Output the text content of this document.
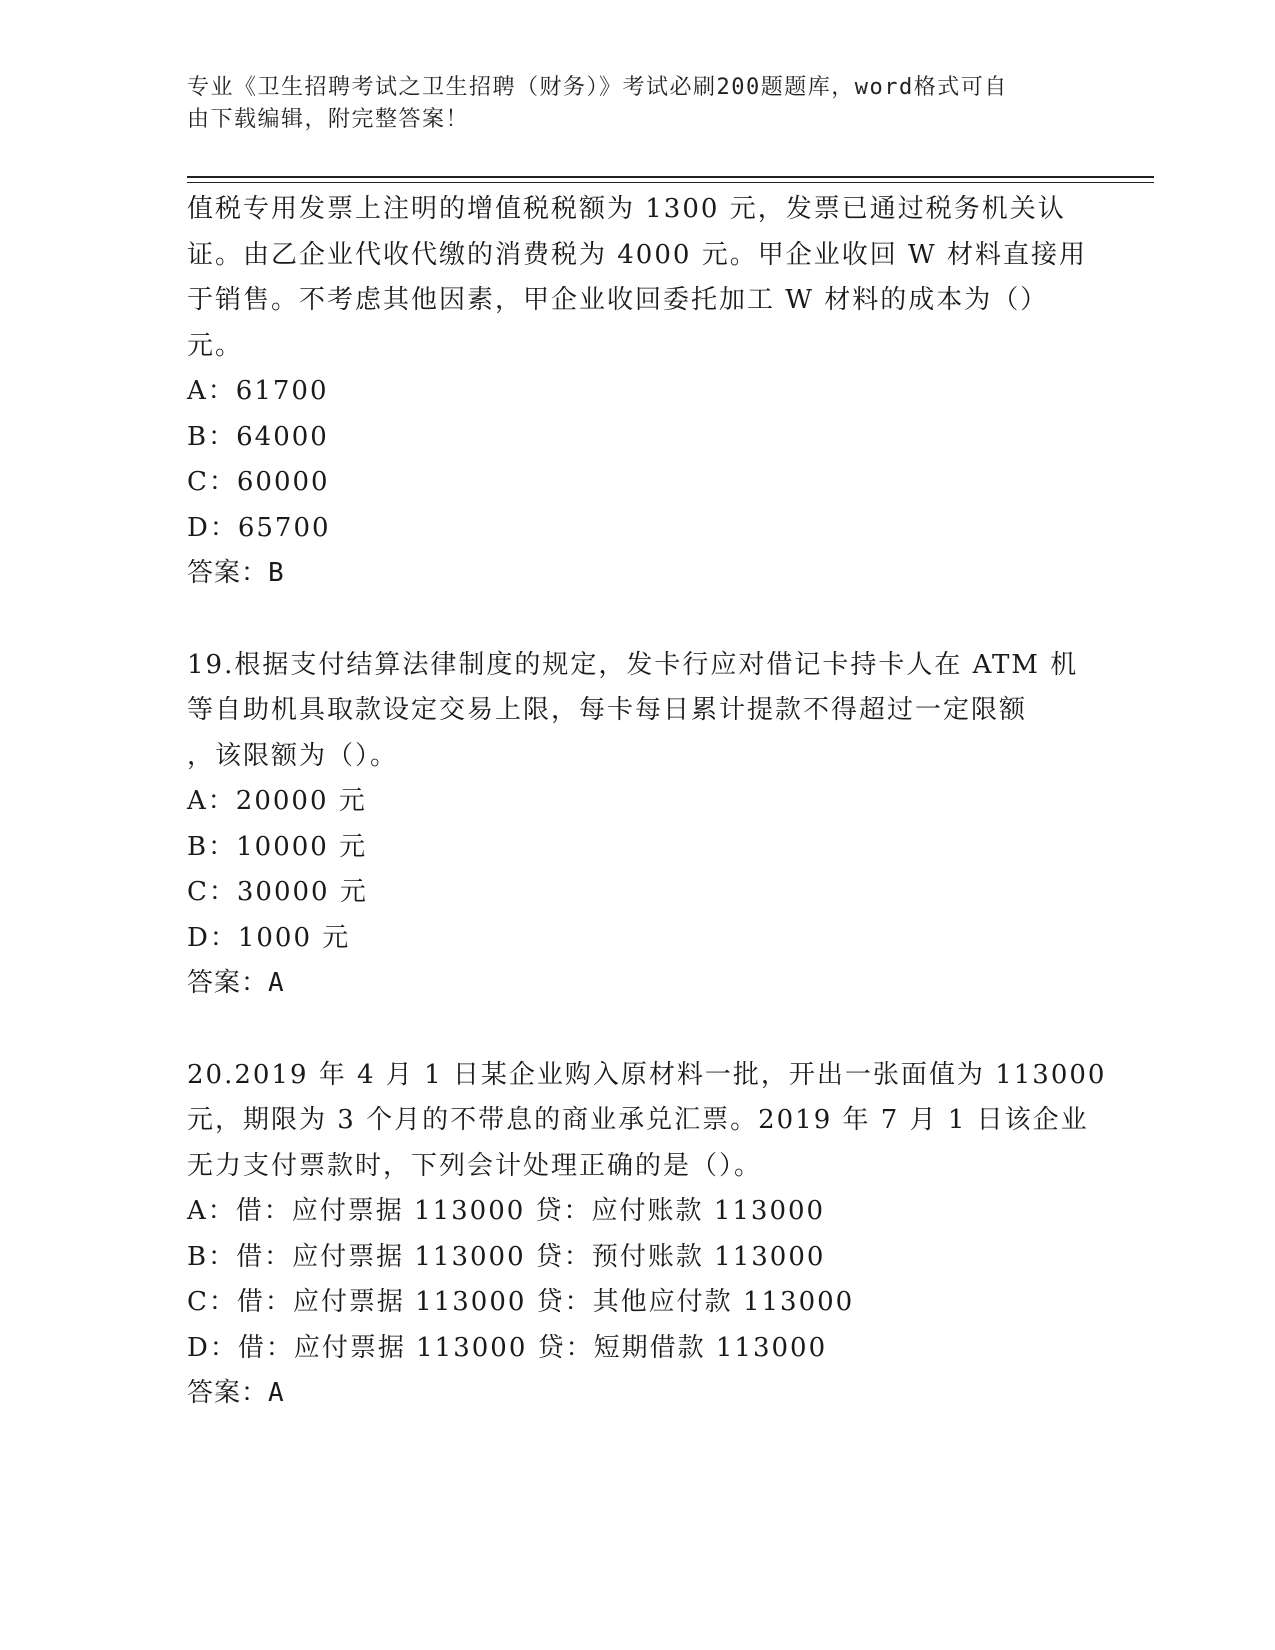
专业《卫生招聘考试之卫生招聘（财务）》考试必刷200题题库，word格式可自
由下载编辑，附完整答案！
值税专用发票上注明的增值税税额为 1300 元，发票已通过税务机关认
证。由乙企业代收代缴的消费税为 4000 元。甲企业收回 W 材料直接用
于销售。不考虑其他因素，甲企业收回委托加工 W 材料的成本为（）
元。
A：61700
B：64000
C：60000
D：65700
答案：B
19.根据支付结算法律制度的规定，发卡行应对借记卡持卡人在 ATM 机
等自助机具取款设定交易上限，每卡每日累计提款不得超过一定限额
，该限额为（）。
A：20000 元
B：10000 元
C：30000 元
D：1000 元
答案：A
20.2019 年 4 月 1 日某企业购入原材料一批，开出一张面值为 113000
元，期限为 3 个月的不带息的商业承兑汇票。2019 年 7 月 1 日该企业
无力支付票款时，下列会计处理正确的是（）。
A：借：应付票据 113000 贷：应付账款 113000
B：借：应付票据 113000 贷：预付账款 113000
C：借：应付票据 113000 贷：其他应付款 113000
D：借：应付票据 113000 贷：短期借款 113000
答案：A
